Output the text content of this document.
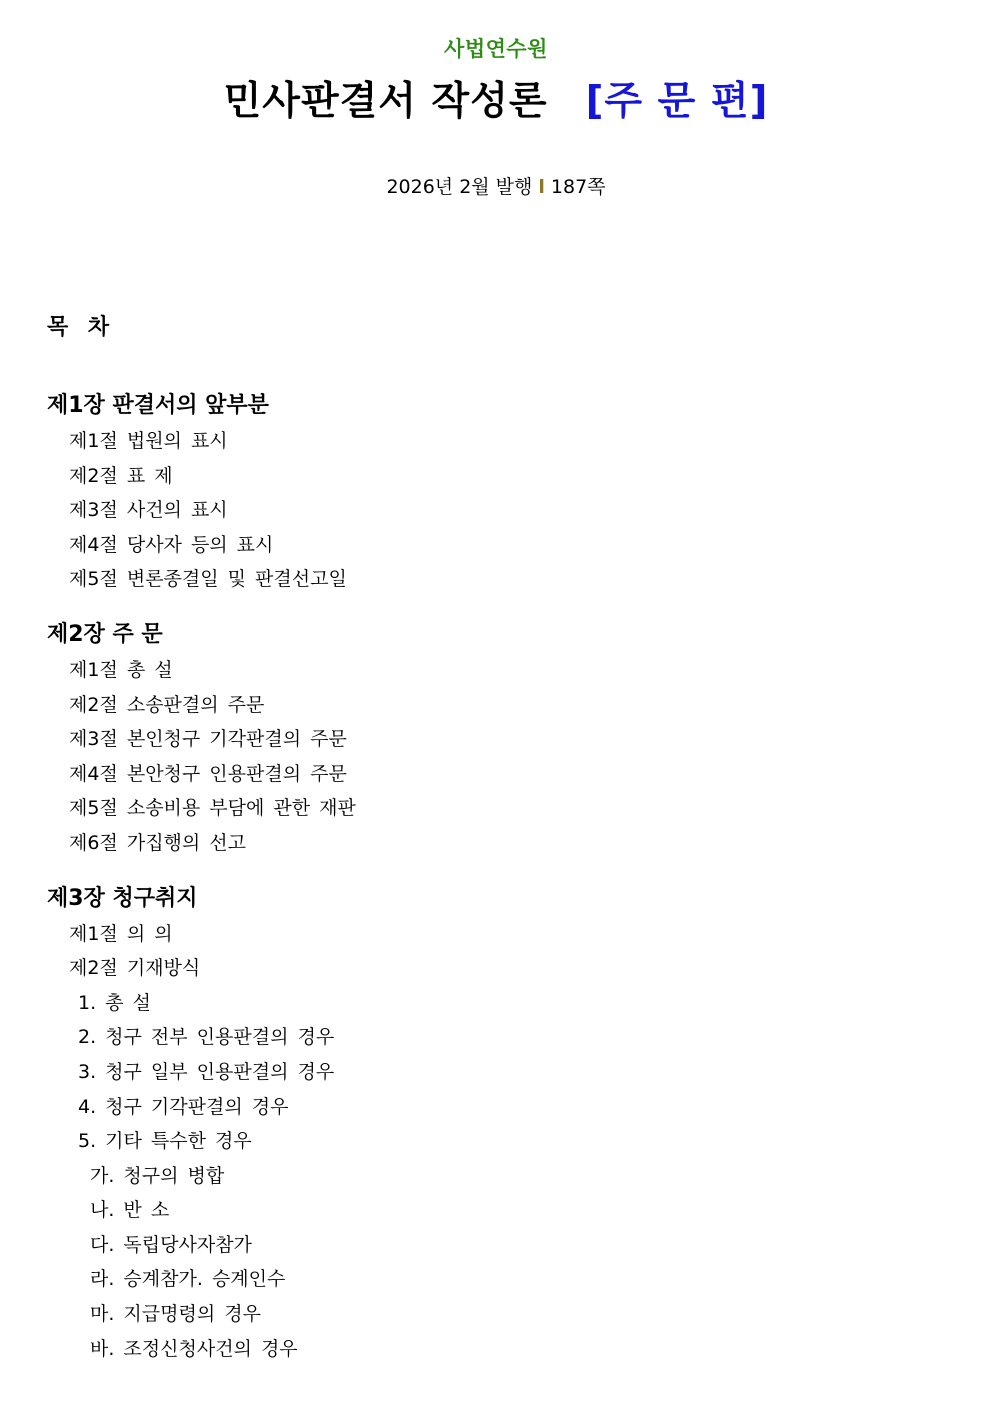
사법연수원
민사판결서 작성론 [주 문 편]
2026년 2월 발행 l 187쪽
목 차
제1장 판결서의 앞부분
제1절 법원의 표시
제2절 표 제
제3절 사건의 표시
제4절 당사자 등의 표시
제5절 변론종결일 및 판결선고일
제2장 주 문
제1절 총 설
제2절 소송판결의 주문
제3절 본인청구 기각판결의 주문
제4절 본안청구 인용판결의 주문
제5절 소송비용 부담에 관한 재판
제6절 가집행의 선고
제3장 청구취지
제1절 의 의
제2절 기재방식
1. 총 설
2. 청구 전부 인용판결의 경우
3. 청구 일부 인용판결의 경우
4. 청구 기각판결의 경우
5. 기타 특수한 경우
가. 청구의 병합
나. 반 소
다. 독립당사자참가
라. 승계참가. 승계인수
마. 지급명령의 경우
바. 조정신청사건의 경우
